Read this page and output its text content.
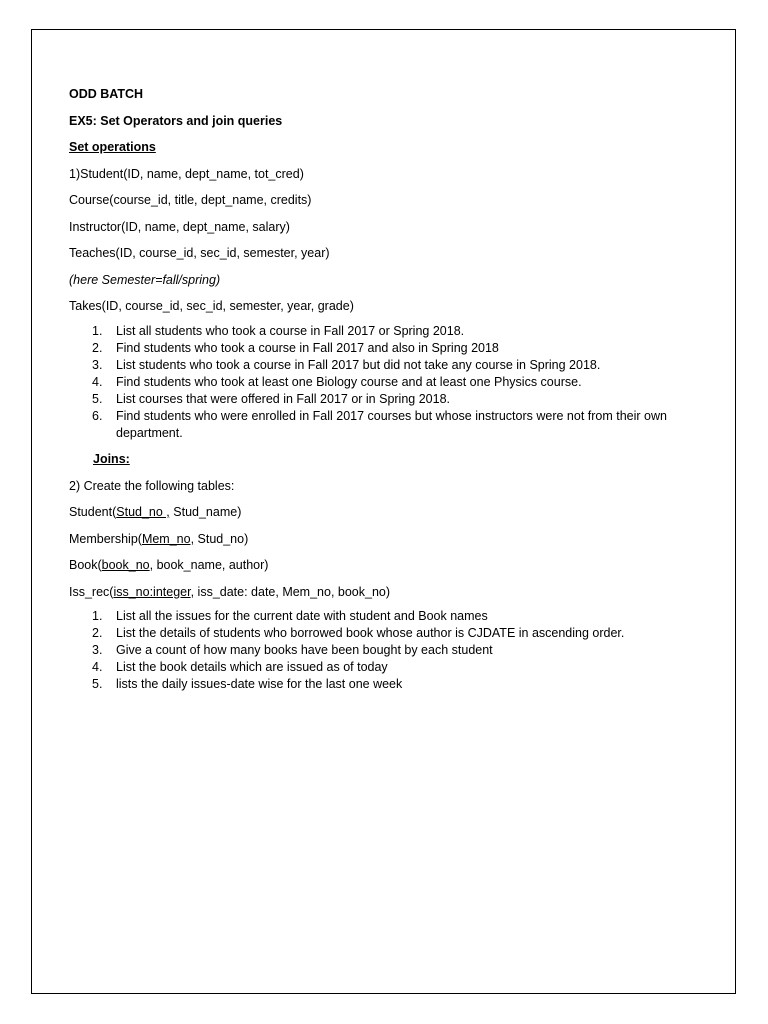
ODD BATCH
EX5: Set Operators and join queries
Set operations
1)Student(ID, name, dept_name, tot_cred)
Course(course_id, title, dept_name, credits)
Instructor(ID, name, dept_name, salary)
Teaches(ID, course_id, sec_id, semester, year)
(here Semester=fall/spring)
Takes(ID, course_id, sec_id, semester, year, grade)
1. List all students who took a course in Fall 2017 or Spring 2018.
2. Find students who took a course in Fall 2017 and also in Spring 2018
3. List students who took a course in Fall 2017 but did not take any course in Spring 2018.
4. Find students who took at least one Biology course and at least one Physics course.
5. List courses that were offered in Fall 2017 or in Spring 2018.
6. Find students who were enrolled in Fall 2017 courses but whose instructors were not from their own
department.
Joins:
2) Create the following tables:
Student(Stud_no , Stud_name)
Membership(Mem_no, Stud_no)
Book(book_no, book_name, author)
Iss_rec(iss_no:integer, iss_date: date, Mem_no, book_no)
1. List all the issues for the current date with student and Book names
2. List the details of students who borrowed book whose author is CJDATE in ascending order.
3. Give a count of how many books have been bought by each student
4. List the book details which are issued as of today
5. lists the daily issues-date wise for the last one week
